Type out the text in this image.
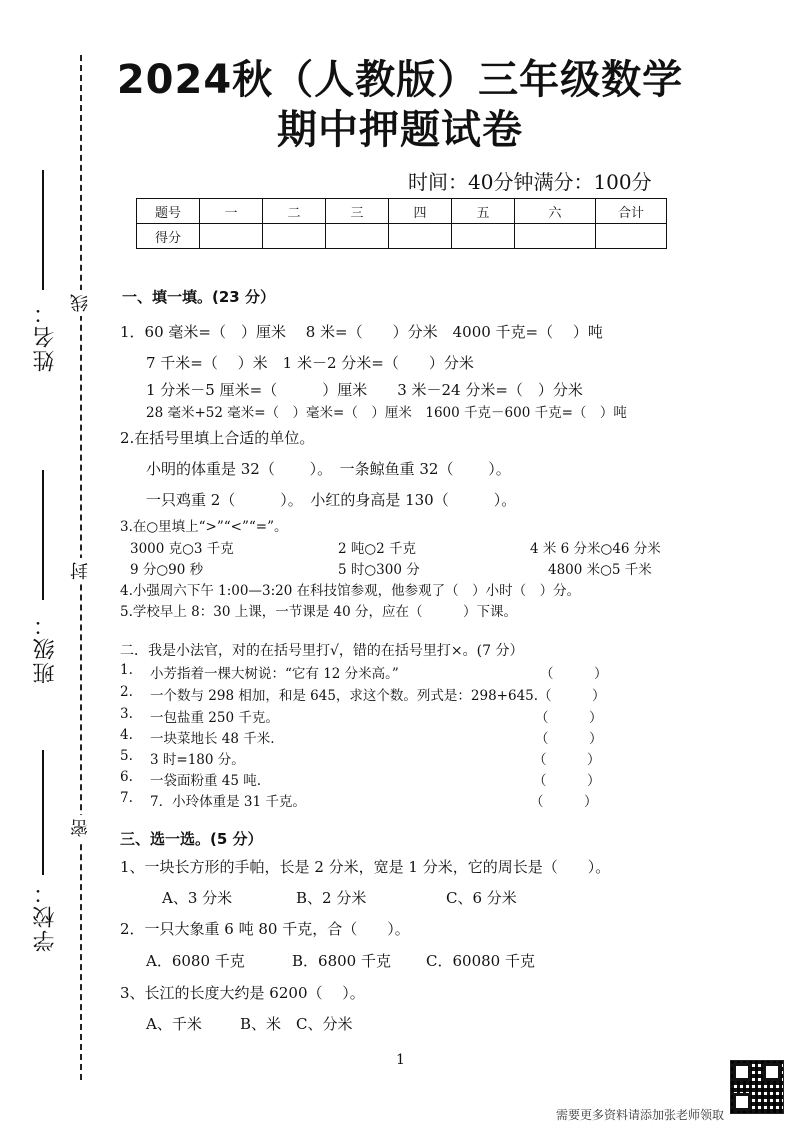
线
封
密
姓名：
班级：
学校：
2024秋（人教版）三年级数学
期中押题试卷
时间：40分钟满分：100分
题号	一	二	三	四	五	六	合计
得分							
一、填一填。(23 分）
1．60 毫米=（　）厘米　 8 米=（　　）分米　4000 千克=（　 ）吨
7 千米=（　 ）米　1 米－2 分米=（　　）分米
1 分米－5 厘米=（　　　）厘米　　3 米－24 分米=（　）分米
28 毫米+52 毫米=（　）毫米=（　）厘米　1600 千克－600 千克=（　）吨
2.在括号里填上合适的单位。
小明的体重是 32（　　 ）。　一条鲸鱼重 32（　　 ）。
一只鸡重 2（　　　）。　小红的身高是 130（　　　）。
3.在○里填上“>”“<”“=”。
3000 克○3 千克	2 吨○2 千克	4 米 6 分米○46 分米
9 分○90 秒	5 时○300 分	4800 米○5 千米
4.小强周六下午 1:00—3:20 在科技馆参观，他参观了（　）小时（　）分。
5.学校早上 8：30 上课，一节课是 40 分，应在（　　　）下课。
二．我是小法官，对的在括号里打√，错的在括号里打×。(7 分）
1. 小芳指着一棵大树说：“它有 12 分米高。”	（　　　）
2. 一个数与 298 相加，和是 645，求这个数。列式是：298+645. （　　　）
3. 一包盐重 250 千克。	（　　　）
4. 一块菜地长 48 千米.	（　　　）
5. 3 时=180 分。	（　　　）
6. 一袋面粉重 45 吨.	（　　　）
7. 7．小玲体重是 31 千克。	（　　　）
三、选一选。(5 分）
1、一块长方形的手帕，长是 2 分米，宽是 1 分米，它的周长是（　　）。
A、3 分米	B、2 分米	C、6 分米
2．一只大象重 6 吨 80 千克，合（　　）。
A．6080 千克	B．6800 千克 C．60080 千克
3、长江的长度大约是 6200（　 ）。
A、千米	B、米 C、分米
1
需要更多资料请添加张老师领取
